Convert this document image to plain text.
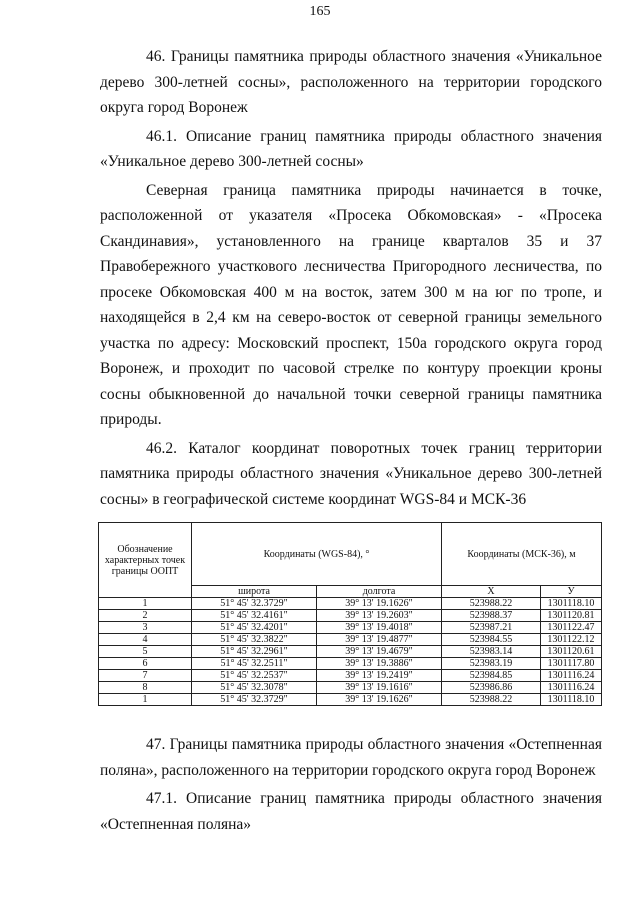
165

46. Границы памятника природы областного значения «Уникальное дерево 300-летней сосны», расположенного на территории городского округа город Воронеж

46.1. Описание границ памятника природы областного значения «Уникальное дерево 300-летней сосны»

Северная граница памятника природы начинается в точке, расположенной от указателя «Просека Обкомовская» - «Просека Скандинавия», установленного на границе кварталов 35 и 37 Правобережного участкового лесничества Пригородного лесничества, по просеке Обкомовская 400 м на восток, затем 300 м на юг по тропе, и находящейся в 2,4 км на северо-восток от северной границы земельного участка по адресу: Московский проспект, 150а городского округа город Воронеж, и проходит по часовой стрелке по контуру проекции кроны сосны обыкновенной до начальной точки северной границы памятника природы.

46.2. Каталог координат поворотных точек границ территории памятника природы областного значения «Уникальное дерево 300-летней сосны» в географической системе координат WGS-84 и МСК-36

Обозначение характерных точек границы ООПТ	Координаты (WGS-84), °		Координаты (МСК-36), м	
	широта	долгота	X	У
1	51° 45' 32.3729"	39° 13' 19.1626"	523988.22	1301118.10
2	51° 45' 32.4161"	39° 13' 19.2603"	523988.37	1301120.81
3	51° 45' 32.4201"	39° 13' 19.4018"	523987.21	1301122.47
4	51° 45' 32.3822"	39° 13' 19.4877"	523984.55	1301122.12
5	51° 45' 32.2961"	39° 13' 19.4679"	523983.14	1301120.61
6	51° 45' 32.2511"	39° 13' 19.3886"	523983.19	1301117.80
7	51° 45' 32.2537"	39° 13' 19.2419"	523984.85	1301116.24
8	51° 45' 32.3078"	39° 13' 19.1616"	523986.86	1301116.24
1	51° 45' 32.3729"	39° 13' 19.1626"	523988.22	1301118.10

47. Границы памятника природы областного значения «Остепненная поляна», расположенного на территории городского округа город Воронеж

47.1. Описание границ памятника природы областного значения «Остепненная поляна»
